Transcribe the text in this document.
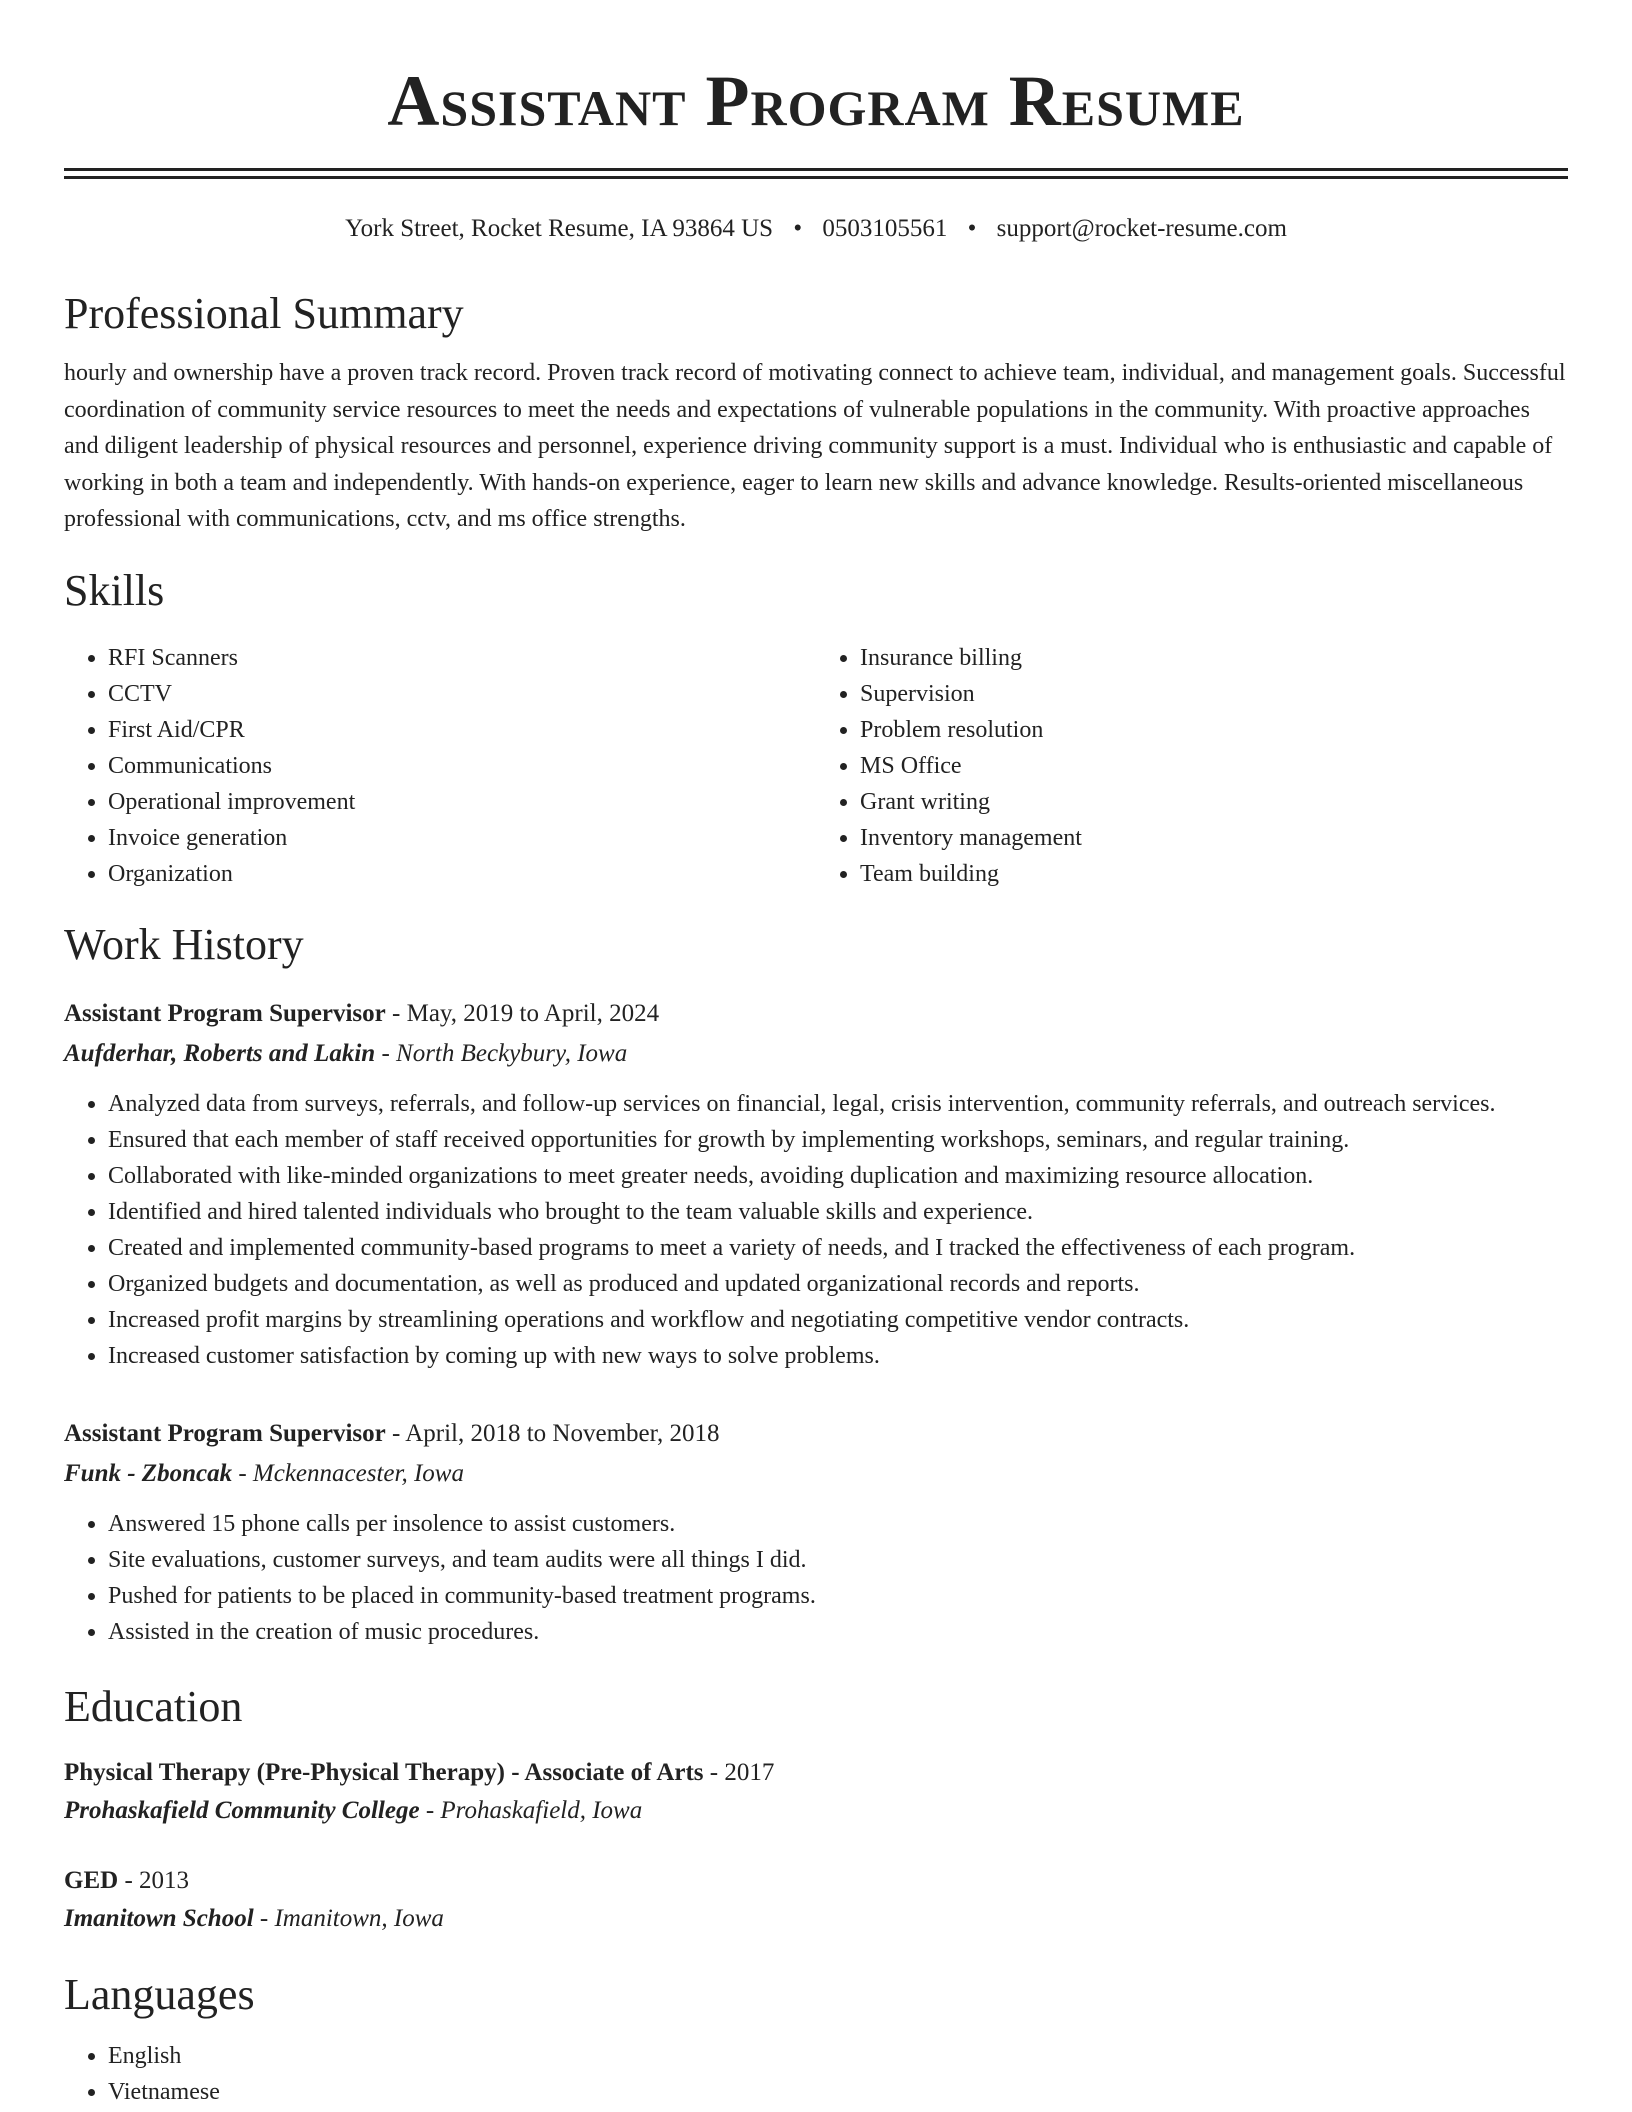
Assistant Program Resume
York Street, Rocket Resume, IA 93864 US • 0503105561 • support@rocket-resume.com
Professional Summary

hourly and ownership have a proven track record. Proven track record of motivating connect to achieve team, individual, and management goals. Successful coordination of community service resources to meet the needs and expectations of vulnerable populations in the community. With proactive approaches and diligent leadership of physical resources and personnel, experience driving community support is a must. Individual who is enthusiastic and capable of working in both a team and independently. With hands-on experience, eager to learn new skills and advance knowledge. Results-oriented miscellaneous professional with communications, cctv, and ms office strengths.

Skills
• RFI Scanners
• CCTV
• First Aid/CPR
• Communications
• Operational improvement
• Invoice generation
• Organization
• Insurance billing
• Supervision
• Problem resolution
• MS Office
• Grant writing
• Inventory management
• Team building
Work History
Assistant Program Supervisor - May, 2019 to April, 2024
Aufderhar, Roberts and Lakin - North Beckybury, Iowa
• Analyzed data from surveys, referrals, and follow-up services on financial, legal, crisis intervention, community referrals, and outreach services.
• Ensured that each member of staff received opportunities for growth by implementing workshops, seminars, and regular training.
• Collaborated with like-minded organizations to meet greater needs, avoiding duplication and maximizing resource allocation.
• Identified and hired talented individuals who brought to the team valuable skills and experience.
• Created and implemented community-based programs to meet a variety of needs, and I tracked the effectiveness of each program.
• Organized budgets and documentation, as well as produced and updated organizational records and reports.
• Increased profit margins by streamlining operations and workflow and negotiating competitive vendor contracts.
• Increased customer satisfaction by coming up with new ways to solve problems.
Assistant Program Supervisor - April, 2018 to November, 2018
Funk - Zboncak - Mckennacester, Iowa
• Answered 15 phone calls per insolence to assist customers.
• Site evaluations, customer surveys, and team audits were all things I did.
• Pushed for patients to be placed in community-based treatment programs.
• Assisted in the creation of music procedures.
Education
Physical Therapy (Pre-Physical Therapy) - Associate of Arts - 2017
Prohaskafield Community College - Prohaskafield, Iowa
GED - 2013
Imanitown School - Imanitown, Iowa
Languages
• English
• Vietnamese
